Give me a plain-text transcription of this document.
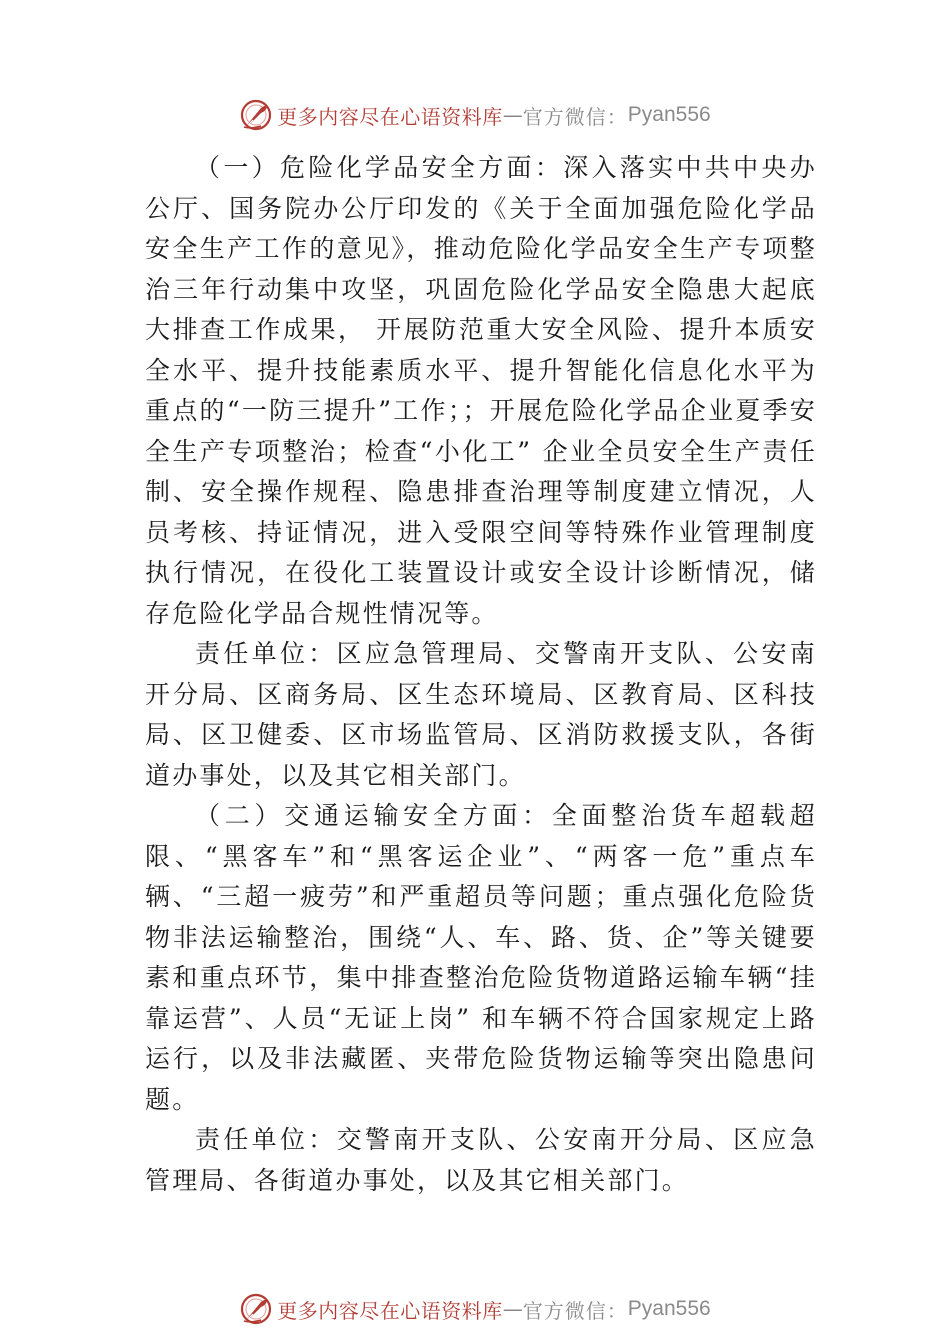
更多内容尽在心语资料库 — 官方微信： Pyan556

（一）危险化学品安全方面：深入落实中共中央办公厅、国务院办公厅印发的《关于全面加强危险化学品安全生产工作的意见》，推动危险化学品安全生产专项整治三年行动集中攻坚，巩固危险化学品安全隐患大起底大排查工作成果， 开展防范重大安全风险、提升本质安全水平、提升技能素质水平、提升智能化信息化水平为重点的“一防三提升”工作；；开展危险化学品企业夏季安全生产专项整治；检查“小化工” 企业全员安全生产责任制、安全操作规程、隐患排查治理等制度建立情况，人员考核、持证情况，进入受限空间等特殊作业管理制度执行情况，在役化工装置设计或安全设计诊断情况，储存危险化学品合规性情况等。

责任单位：区应急管理局、交警南开支队、公安南开分局、区商务局、区生态环境局、区教育局、区科技局、区卫健委、区市场监管局、区消防救援支队，各街道办事处，以及其它相关部门。

（二）交通运输安全方面：全面整治货车超载超限、“黑客车”和“黑客运企业”、“两客一危”重点车辆、“三超一疲劳”和严重超员等问题；重点强化危险货物非法运输整治，围绕“人、车、路、货、企”等关键要素和重点环节，集中排查整治危险货物道路运输车辆“挂靠运营”、人员“无证上岗” 和车辆不符合国家规定上路运行，以及非法藏匿、夹带危险货物运输等突出隐患问题。

责任单位：交警南开支队、公安南开分局、区应急管理局、各街道办事处，以及其它相关部门。

更多内容尽在心语资料库 — 官方微信： Pyan556
